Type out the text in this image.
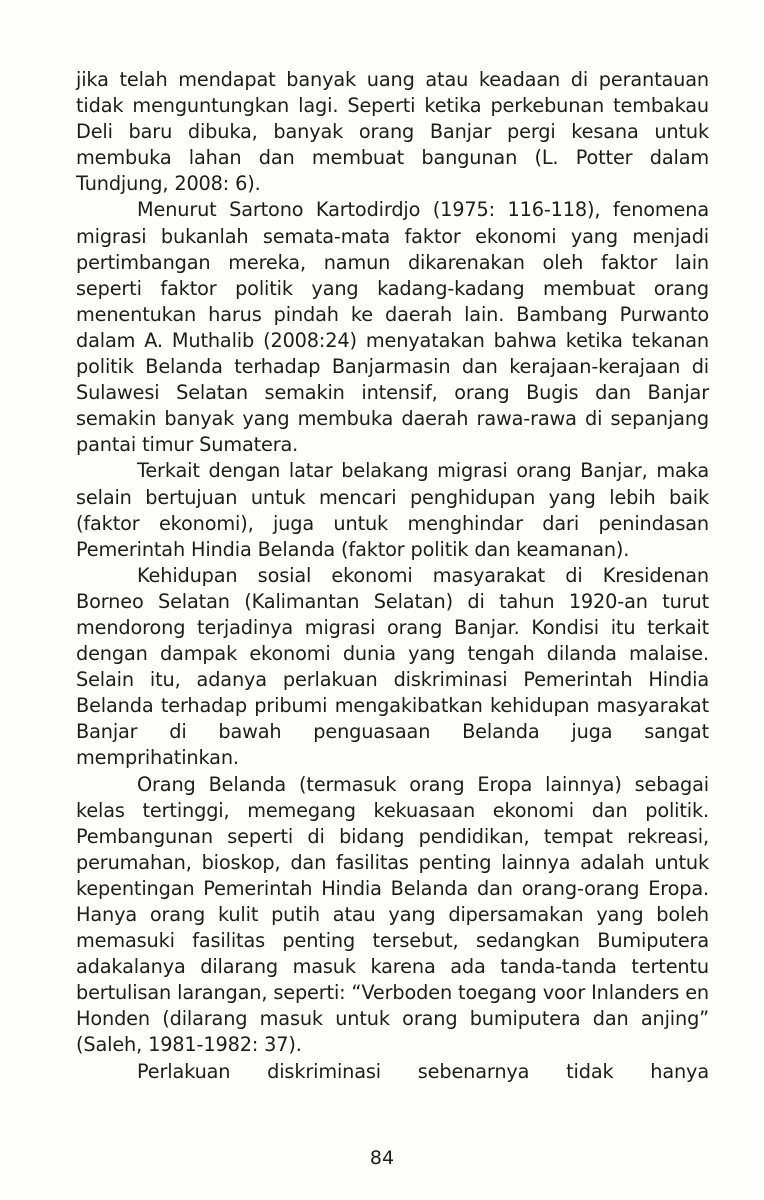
jika telah mendapat banyak uang atau keadaan di perantauan tidak menguntungkan lagi. Seperti ketika perkebunan tembakau Deli baru dibuka, banyak orang Banjar pergi kesana untuk membuka lahan dan membuat bangunan (L. Potter dalam Tundjung, 2008: 6).

Menurut Sartono Kartodirdjo (1975: 116-118), fenomena migrasi bukanlah semata-mata faktor ekonomi yang menjadi pertimbangan mereka, namun dikarenakan oleh faktor lain seperti faktor politik yang kadang-kadang membuat orang menentukan harus pindah ke daerah lain. Bambang Purwanto dalam A. Muthalib (2008:24) menyatakan bahwa ketika tekanan politik Belanda terhadap Banjarmasin dan kerajaan-kerajaan di Sulawesi Selatan semakin intensif, orang Bugis dan Banjar semakin banyak yang membuka daerah rawa-rawa di sepanjang pantai timur Sumatera.

Terkait dengan latar belakang migrasi orang Banjar, maka selain bertujuan untuk mencari penghidupan yang lebih baik (faktor ekonomi), juga untuk menghindar dari penindasan Pemerintah Hindia Belanda (faktor politik dan keamanan).

Kehidupan sosial ekonomi masyarakat di Kresidenan Borneo Selatan (Kalimantan Selatan) di tahun 1920-an turut mendorong terjadinya migrasi orang Banjar. Kondisi itu terkait dengan dampak ekonomi dunia yang tengah dilanda malaise. Selain itu, adanya perlakuan diskriminasi Pemerintah Hindia Belanda terhadap pribumi mengakibatkan kehidupan masyarakat Banjar di bawah penguasaan Belanda juga sangat memprihatinkan.

Orang Belanda (termasuk orang Eropa lainnya) sebagai kelas tertinggi, memegang kekuasaan ekonomi dan politik. Pembangunan seperti di bidang pendidikan, tempat rekreasi, perumahan, bioskop, dan fasilitas penting lainnya adalah untuk kepentingan Pemerintah Hindia Belanda dan orang-orang Eropa. Hanya orang kulit putih atau yang dipersamakan yang boleh memasuki fasilitas penting tersebut, sedangkan Bumiputera adakalanya dilarang masuk karena ada tanda-tanda tertentu bertulisan larangan, seperti: “Verboden toegang voor Inlanders en Honden (dilarang masuk untuk orang bumiputera dan anjing” (Saleh, 1981-1982: 37).

Perlakuan diskriminasi sebenarnya tidak hanya

84
